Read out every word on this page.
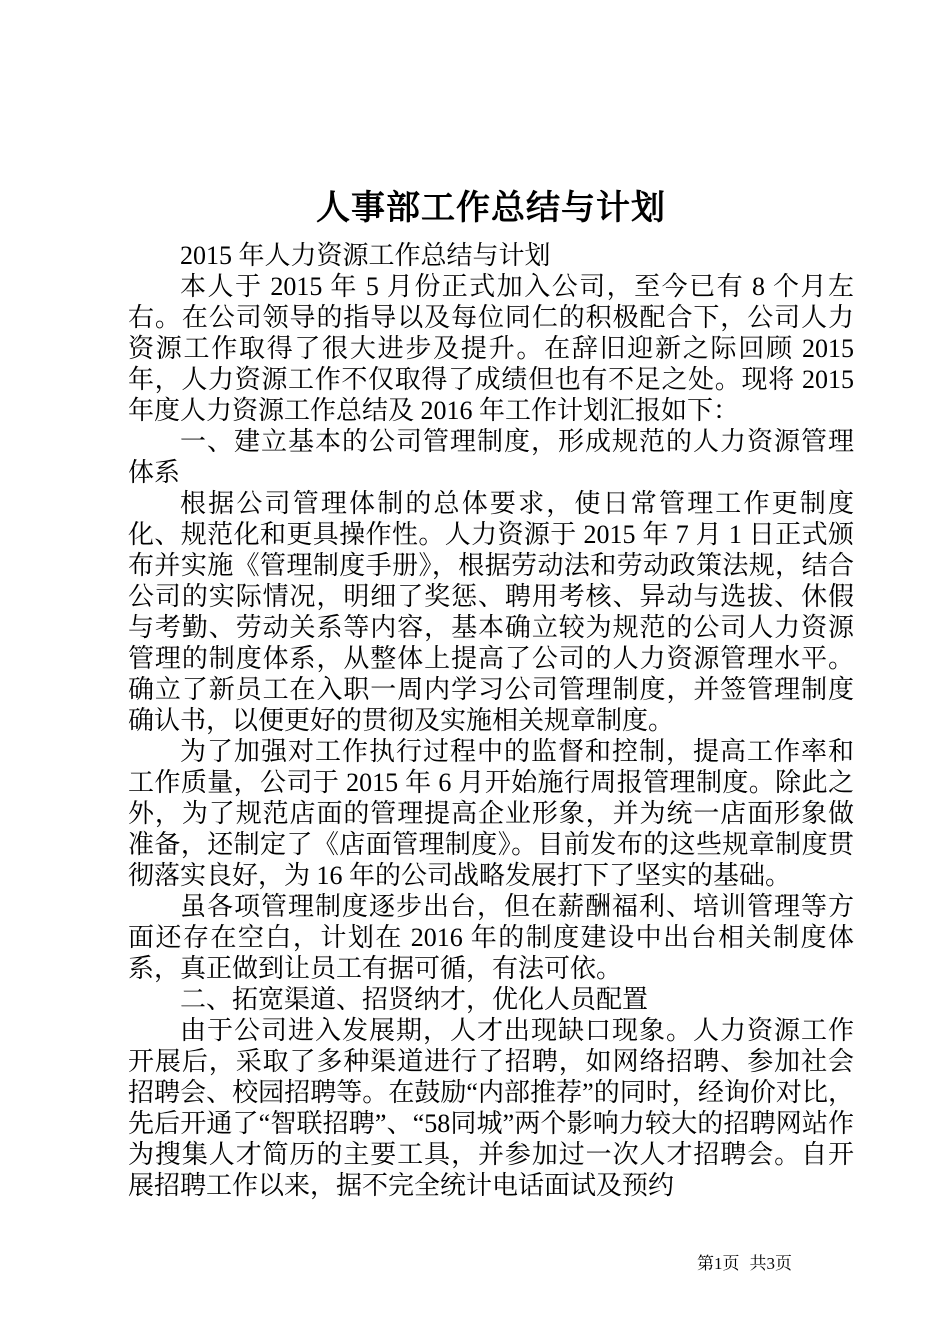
人事部工作总结与计划

2015 年人力资源工作总结与计划

本人于 2015 年 5 月份正式加入公司，至今已有 8 个月左右。在公司领导的指导以及每位同仁的积极配合下，公司人力资源工作取得了很大进步及提升。在辞旧迎新之际回顾 2015 年，人力资源工作不仅取得了成绩但也有不足之处。现将 2015 年度人力资源工作总结及 2016 年工作计划汇报如下：

一、建立基本的公司管理制度，形成规范的人力资源管理体系

根据公司管理体制的总体要求，使日常管理工作更制度化、规范化和更具操作性。人力资源于 2015 年 7 月 1 日正式颁布并实施《管理制度手册》，根据劳动法和劳动政策法规，结合公司的实际情况，明细了奖惩、聘用考核、异动与选拔、休假与考勤、劳动关系等内容，基本确立较为规范的公司人力资源管理的制度体系，从整体上提高了公司的人力资源管理水平。确立了新员工在入职一周内学习公司管理制度，并签管理制度确认书，以便更好的贯彻及实施相关规章制度。

为了加强对工作执行过程中的监督和控制，提高工作率和工作质量，公司于 2015 年 6 月开始施行周报管理制度。除此之外，为了规范店面的管理提高企业形象，并为统一店面形象做准备，还制定了《店面管理制度》。目前发布的这些规章制度贯彻落实良好，为 16 年的公司战略发展打下了坚实的基础。

虽各项管理制度逐步出台，但在薪酬福利、培训管理等方面还存在空白，计划在 2016 年的制度建设中出台相关制度体系，真正做到让员工有据可循，有法可依。

二、拓宽渠道、招贤纳才，优化人员配置

由于公司进入发展期，人才出现缺口现象。人力资源工作开展后，采取了多种渠道进行了招聘，如网络招聘、参加社会招聘会、校园招聘等。在鼓励“内部推荐”的同时，经询价对比，先后开通了“智联招聘”、“58同城”两个影响力较大的招聘网站作为搜集人才简历的主要工具，并参加过一次人才招聘会。自开展招聘工作以来，据不完全统计电话面试及预约

第1页 共3页
